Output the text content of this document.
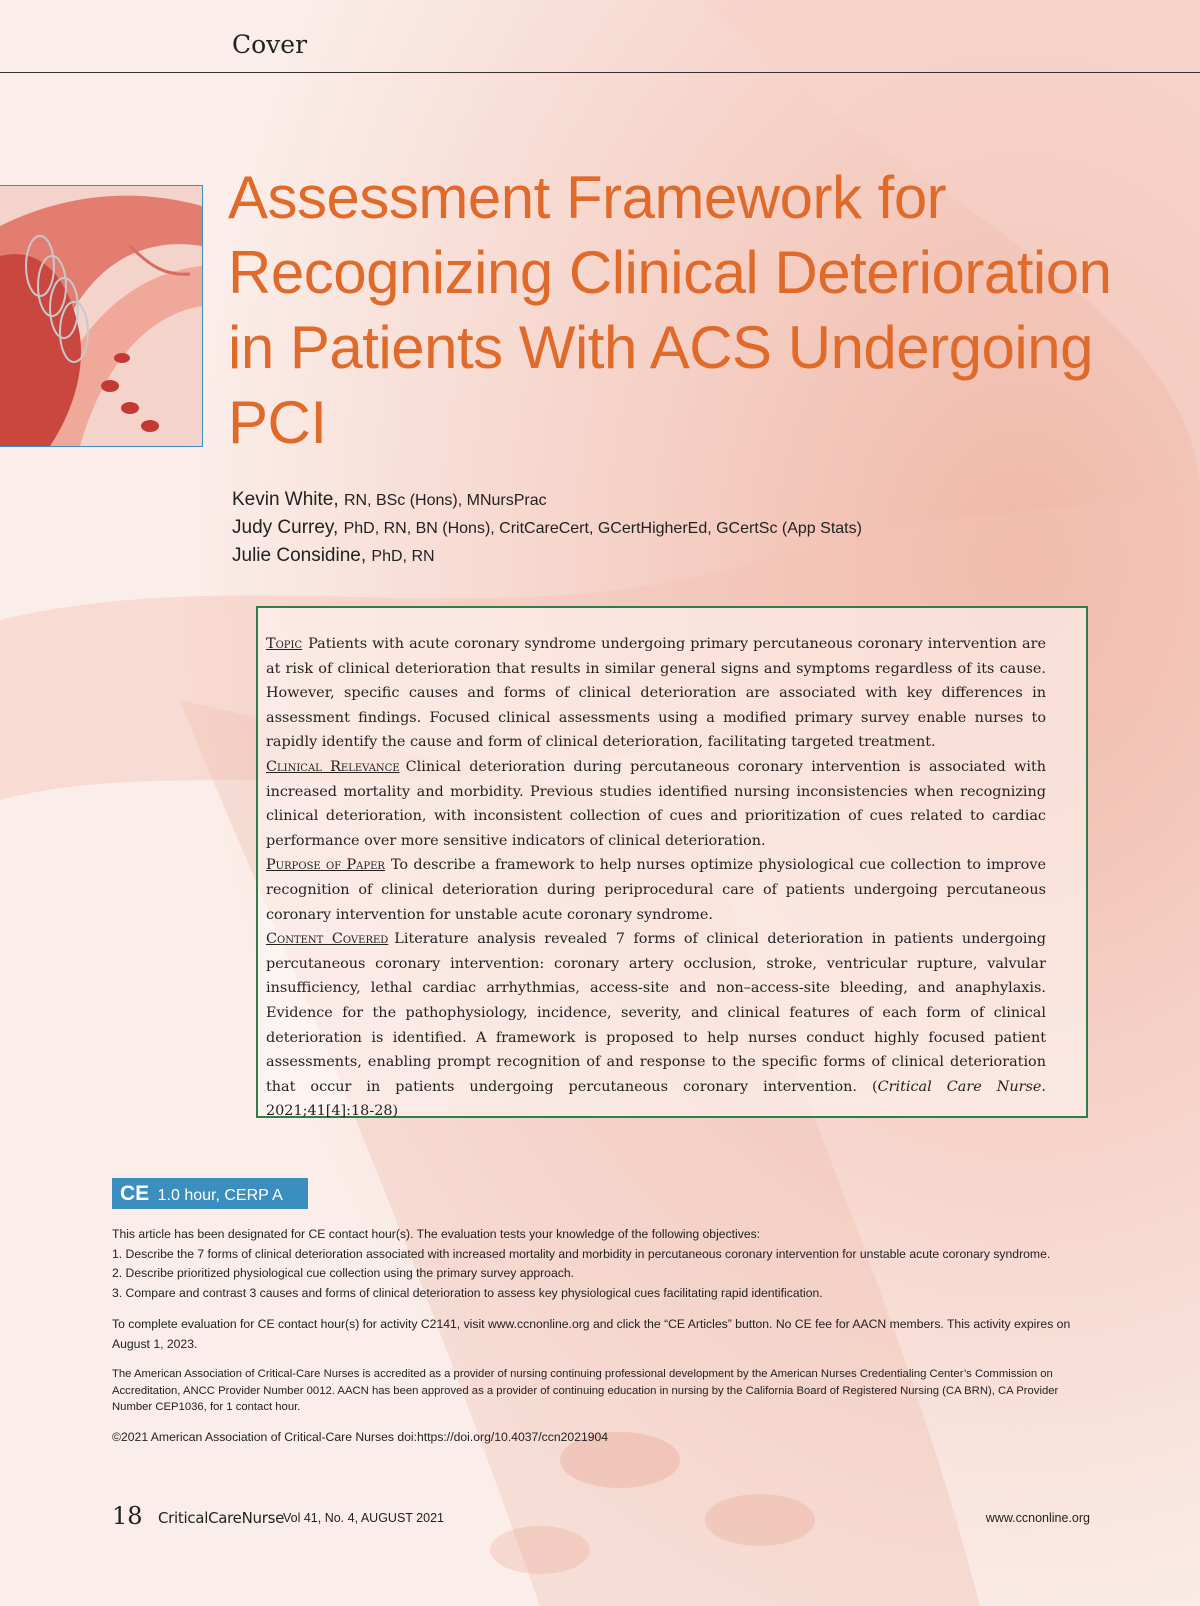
Cover
Assessment Framework for Recognizing Clinical Deterioration in Patients With ACS Undergoing PCI
Kevin White, RN, BSc (Hons), MNursPrac
Judy Currey, PhD, RN, BN (Hons), CritCareCert, GCertHigherEd, GCertSc (App Stats)
Julie Considine, PhD, RN

Topic Patients with acute coronary syndrome undergoing primary percutaneous coronary intervention are at risk of clinical deterioration that results in similar general signs and symptoms regardless of its cause. However, specific causes and forms of clinical deterioration are associated with key differences in assessment findings. Focused clinical assessments using a modified primary survey enable nurses to rapidly identify the cause and form of clinical deterioration, facilitating targeted treatment.

Clinical Relevance Clinical deterioration during percutaneous coronary intervention is associated with increased mortality and morbidity. Previous studies identified nursing inconsistencies when recognizing clinical deterioration, with inconsistent collection of cues and prioritization of cues related to cardiac performance over more sensitive indicators of clinical deterioration.

Purpose of Paper To describe a framework to help nurses optimize physiological cue collection to improve recognition of clinical deterioration during periprocedural care of patients undergoing percutaneous coronary intervention for unstable acute coronary syndrome.

Content Covered Literature analysis revealed 7 forms of clinical deterioration in patients undergoing percutaneous coronary intervention: coronary artery occlusion, stroke, ventricular rupture, valvular insufficiency, lethal cardiac arrhythmias, access-site and non–access-site bleeding, and anaphylaxis. Evidence for the pathophysiology, incidence, severity, and clinical features of each form of clinical deterioration is identified. A framework is proposed to help nurses conduct highly focused patient assessments, enabling prompt recognition of and response to the specific forms of clinical deterioration that occur in patients undergoing percutaneous coronary intervention. (Critical Care Nurse. 2021;41[4]:18-28)

CE 1.0 hour, CERP A

This article has been designated for CE contact hour(s). The evaluation tests your knowledge of the following objectives:

1. Describe the 7 forms of clinical deterioration associated with increased mortality and morbidity in percutaneous coronary intervention for unstable acute coronary syndrome.

2. Describe prioritized physiological cue collection using the primary survey approach.

3. Compare and contrast 3 causes and forms of clinical deterioration to assess key physiological cues facilitating rapid identification.

To complete evaluation for CE contact hour(s) for activity C2141, visit www.ccnonline.org and click the “CE Articles” button. No CE fee for AACN members. This activity expires on August 1, 2023.

The American Association of Critical-Care Nurses is accredited as a provider of nursing continuing professional development by the American Nurses Credentialing Center’s Commission on Accreditation, ANCC Provider Number 0012. AACN has been approved as a provider of continuing education in nursing by the California Board of Registered Nursing (CA BRN), CA Provider Number CEP1036, for 1 contact hour.

©2021 American Association of Critical-Care Nurses doi:https://doi.org/10.4037/ccn2021904

18 CriticalCareNurse
Vol 41, No. 4, AUGUST 2021	www.ccnonline.org
